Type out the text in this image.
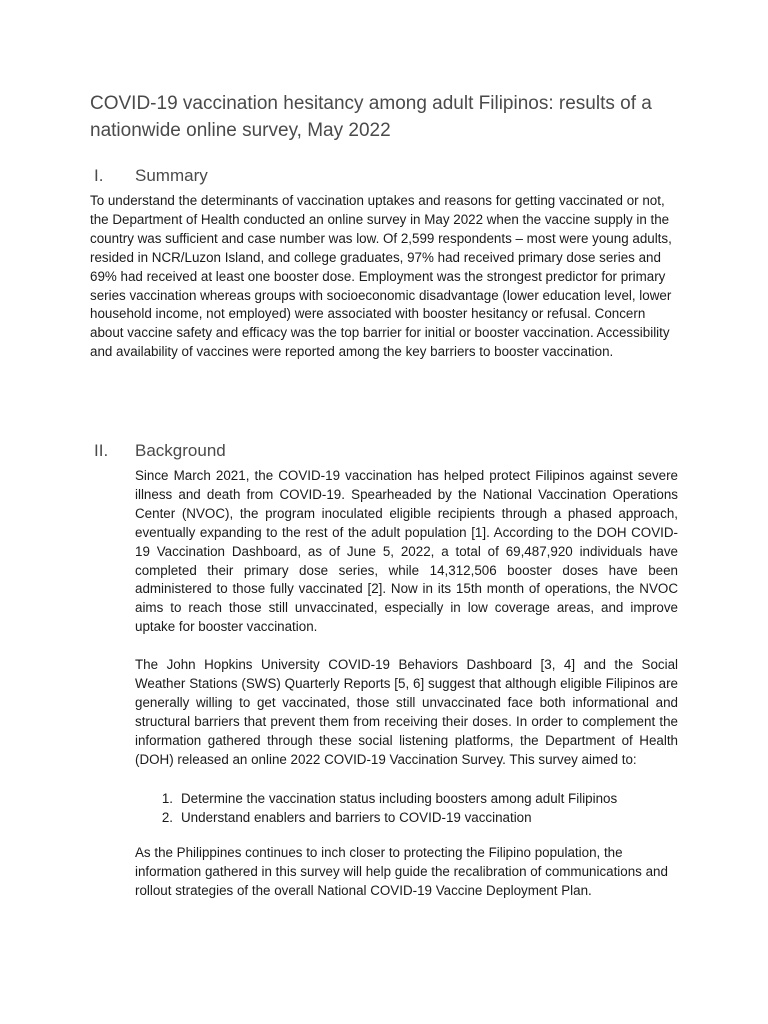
COVID-19 vaccination hesitancy among adult Filipinos: results of a nationwide online survey, May 2022
I.	Summary

To understand the determinants of vaccination uptakes and reasons for getting vaccinated or not, the Department of Health conducted an online survey in May 2022 when the vaccine supply in the country was sufficient and case number was low. Of 2,599 respondents – most were young adults, resided in NCR/Luzon Island, and college graduates, 97% had received primary dose series and 69% had received at least one booster dose. Employment was the strongest predictor for primary series vaccination whereas groups with socioeconomic disadvantage (lower education level, lower household income, not employed) were associated with booster hesitancy or refusal. Concern about vaccine safety and efficacy was the top barrier for initial or booster vaccination. Accessibility and availability of vaccines were reported among the key barriers to booster vaccination.

II.	Background

Since March 2021, the COVID-19 vaccination has helped protect Filipinos against severe illness and death from COVID-19. Spearheaded by the National Vaccination Operations Center (NVOC), the program inoculated eligible recipients through a phased approach, eventually expanding to the rest of the adult population [1]. According to the DOH COVID-19 Vaccination Dashboard, as of June 5, 2022, a total of 69,487,920 individuals have completed their primary dose series, while 14,312,506 booster doses have been administered to those fully vaccinated [2]. Now in its 15th month of operations, the NVOC aims to reach those still unvaccinated, especially in low coverage areas, and improve uptake for booster vaccination.

The John Hopkins University COVID-19 Behaviors Dashboard [3, 4] and the Social Weather Stations (SWS) Quarterly Reports [5, 6] suggest that although eligible Filipinos are generally willing to get vaccinated, those still unvaccinated face both informational and structural barriers that prevent them from receiving their doses. In order to complement the information gathered through these social listening platforms, the Department of Health (DOH) released an online 2022 COVID-19 Vaccination Survey. This survey aimed to:

1. Determine the vaccination status including boosters among adult Filipinos
2. Understand enablers and barriers to COVID-19 vaccination

As the Philippines continues to inch closer to protecting the Filipino population, the information gathered in this survey will help guide the recalibration of communications and rollout strategies of the overall National COVID-19 Vaccine Deployment Plan.
